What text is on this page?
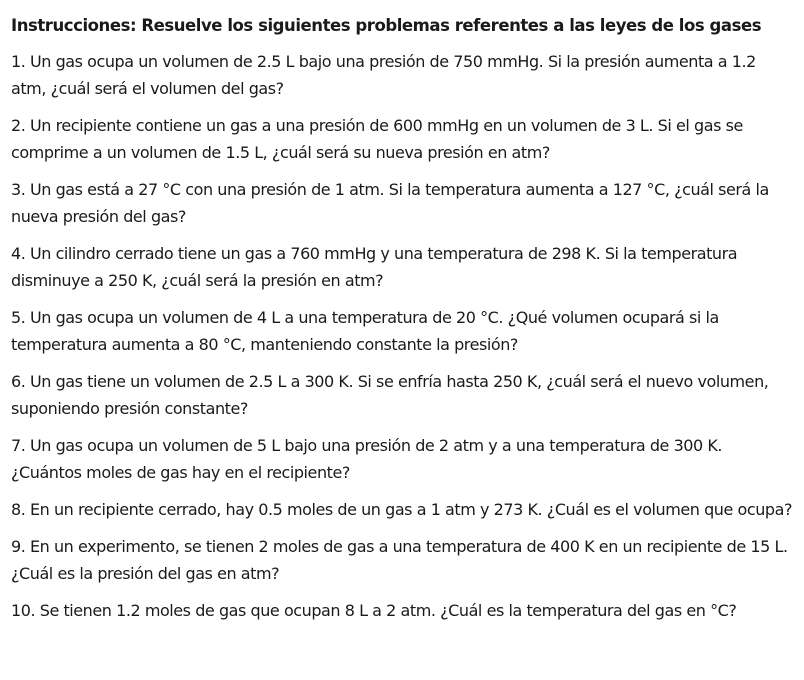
Instrucciones: Resuelve los siguientes problemas referentes a las leyes de los gases
1. Un gas ocupa un volumen de 2.5 L bajo una presión de 750 mmHg. Si la presión aumenta a 1.2 atm, ¿cuál será el volumen del gas?
2. Un recipiente contiene un gas a una presión de 600 mmHg en un volumen de 3 L. Si el gas se comprime a un volumen de 1.5 L, ¿cuál será su nueva presión en atm?
3. Un gas está a 27 °C con una presión de 1 atm. Si la temperatura aumenta a 127 °C, ¿cuál será la nueva presión del gas?
4. Un cilindro cerrado tiene un gas a 760 mmHg y una temperatura de 298 K. Si la temperatura disminuye a 250 K, ¿cuál será la presión en atm?
5. Un gas ocupa un volumen de 4 L a una temperatura de 20 °C. ¿Qué volumen ocupará si la temperatura aumenta a 80 °C, manteniendo constante la presión?
6. Un gas tiene un volumen de 2.5 L a 300 K. Si se enfría hasta 250 K, ¿cuál será el nuevo volumen, suponiendo presión constante?
7. Un gas ocupa un volumen de 5 L bajo una presión de 2 atm y a una temperatura de 300 K. ¿Cuántos moles de gas hay en el recipiente?
8. En un recipiente cerrado, hay 0.5 moles de un gas a 1 atm y 273 K. ¿Cuál es el volumen que ocupa?
9. En un experimento, se tienen 2 moles de gas a una temperatura de 400 K en un recipiente de 15 L. ¿Cuál es la presión del gas en atm?
10. Se tienen 1.2 moles de gas que ocupan 8 L a 2 atm. ¿Cuál es la temperatura del gas en °C?
